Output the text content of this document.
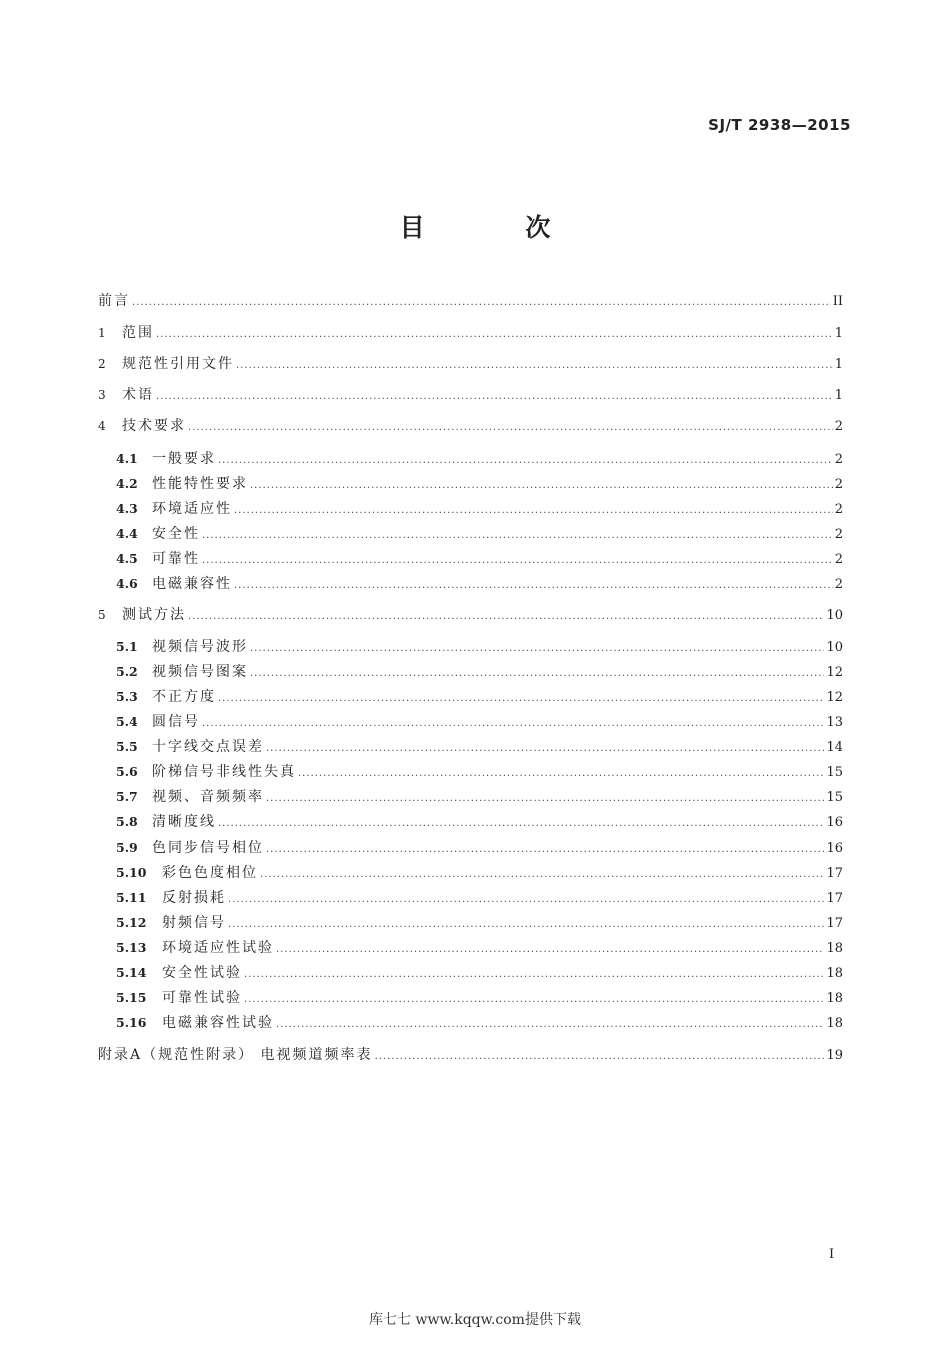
SJ/T 2938—2015
目 次
前言 .....	II
1	范围 .....	1
2	规范性引用文件 .....	1
3	术语 .....	1
4	技术要求 .....	2
4.1	一般要求 .....	2
4.2	性能特性要求 .....	2
4.3	环境适应性 .....	2
4.4	安全性 .....	2
4.5	可靠性 .....	2
4.6	电磁兼容性 .....	2
5	测试方法 .....	10
5.1	视频信号波形 .....	10
5.2	视频信号图案 .....	12
5.3	不正方度 .....	12
5.4	圆信号 .....	13
5.5	十字线交点误差 .....	14
5.6	阶梯信号非线性失真 .....	15
5.7	视频、音频频率 .....	15
5.8	清晰度线 .....	16
5.9	色同步信号相位 .....	16
5.10	彩色色度相位 .....	17
5.11	反射损耗 .....	17
5.12	射频信号 .....	17
5.13	环境适应性试验 .....	18
5.14	安全性试验 .....	18
5.15	可靠性试验 .....	18
5.16	电磁兼容性试验 .....	18
附录A（规范性附录） 电视频道频率表 .....	19
I
库七七 www.kqqw.com提供下载
